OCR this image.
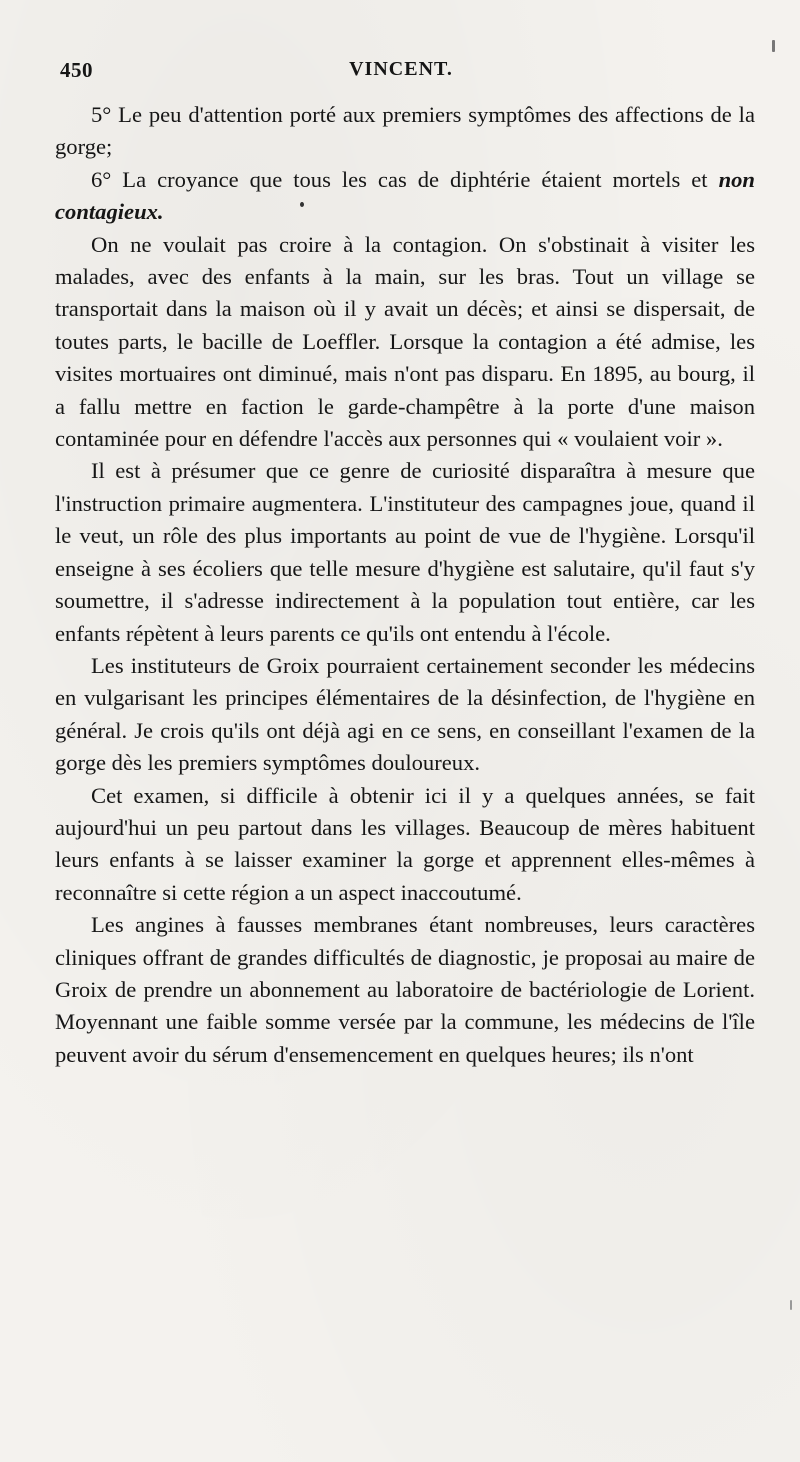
450	VINCENT.

5° Le peu d'attention porté aux premiers symptômes des affections de la gorge;

6° La croyance que tous les cas de diphtérie étaient mortels et non contagieux.

On ne voulait pas croire à la contagion. On s'obstinait à visiter les malades, avec des enfants à la main, sur les bras. Tout un village se transportait dans la maison où il y avait un décès; et ainsi se dispersait, de toutes parts, le bacille de Loeffler. Lorsque la contagion a été admise, les visites mortuaires ont diminué, mais n'ont pas disparu. En 1895, au bourg, il a fallu mettre en faction le garde-champêtre à la porte d'une maison contaminée pour en défendre l'accès aux personnes qui « voulaient voir ».

Il est à présumer que ce genre de curiosité disparaîtra à mesure que l'instruction primaire augmentera. L'instituteur des campagnes joue, quand il le veut, un rôle des plus importants au point de vue de l'hygiène. Lorsqu'il enseigne à ses écoliers que telle mesure d'hygiène est salutaire, qu'il faut s'y soumettre, il s'adresse indirectement à la population tout entière, car les enfants répètent à leurs parents ce qu'ils ont entendu à l'école.

Les instituteurs de Groix pourraient certainement seconder les médecins en vulgarisant les principes élémentaires de la désinfection, de l'hygiène en général. Je crois qu'ils ont déjà agi en ce sens, en conseillant l'examen de la gorge dès les premiers symptômes douloureux.

Cet examen, si difficile à obtenir ici il y a quelques années, se fait aujourd'hui un peu partout dans les villages. Beaucoup de mères habituent leurs enfants à se laisser examiner la gorge et apprennent elles-mêmes à reconnaître si cette région a un aspect inaccoutumé.

Les angines à fausses membranes étant nombreuses, leurs caractères cliniques offrant de grandes difficultés de diagnostic, je proposai au maire de Groix de prendre un abonnement au laboratoire de bactériologie de Lorient. Moyennant une faible somme versée par la commune, les médecins de l'île peuvent avoir du sérum d'ensemencement en quelques heures; ils n'ont
